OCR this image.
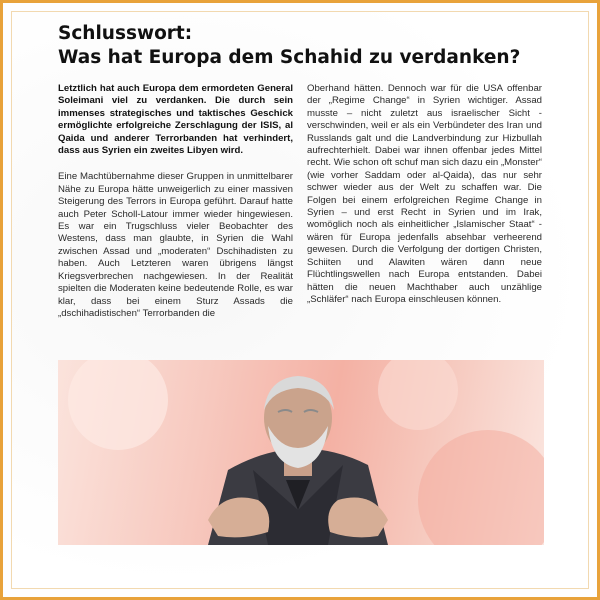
Schlusswort:
Was hat Europa dem Schahid zu verdanken?

Letztlich hat auch Europa dem ermordeten General Soleimani viel zu verdanken. Die durch sein immenses strategisches und taktisches Geschick ermöglichte erfolgreiche Zerschlagung der ISIS, al Qaida und anderer Terrorbanden hat verhindert, dass aus Syrien ein zweites Libyen wird.

Eine Machtübernahme dieser Gruppen in unmittelbarer Nähe zu Europa hätte unweigerlich zu einer massiven Steigerung des Terrors in Europa geführt. Darauf hatte auch Peter Scholl-Latour immer wieder hingewiesen. Es war ein Trugschluss vieler Beobachter des Westens, dass man glaubte, in Syrien die Wahl zwischen Assad und „moderaten“ Dschihadisten zu haben. Auch Letzteren waren übrigens längst Kriegsverbrechen nachgewiesen. In der Realität spielten die Moderaten keine bedeutende Rolle, es war klar, dass bei einem Sturz Assads die „dschihadistischen“ Terrorbanden die

Oberhand hätten. Dennoch war für die USA offenbar der „Regime Change“ in Syrien wichtiger. Assad musste – nicht zuletzt aus israelischer Sicht - verschwinden, weil er als ein Verbündeter des Iran und Russlands galt und die Landverbindung zur Hizbullah aufrechterhielt. Dabei war ihnen offenbar jedes Mittel recht. Wie schon oft schuf man sich dazu ein „Monster“ (wie vorher Saddam oder al-Qaida), das nur sehr schwer wieder aus der Welt zu schaffen war. Die Folgen bei einem erfolgreichen Regime Change in Syrien – und erst Recht in Syrien und im Irak, womöglich noch als einheitlicher „Islamischer Staat“ - wären für Europa jedenfalls absehbar verheerend gewesen. Durch die Verfolgung der dortigen Christen, Schiiten und Alawiten wären dann neue Flüchtlingswellen nach Europa entstanden. Dabei hätten die neuen Machthaber auch unzählige „Schläfer“ nach Europa einschleusen können.
